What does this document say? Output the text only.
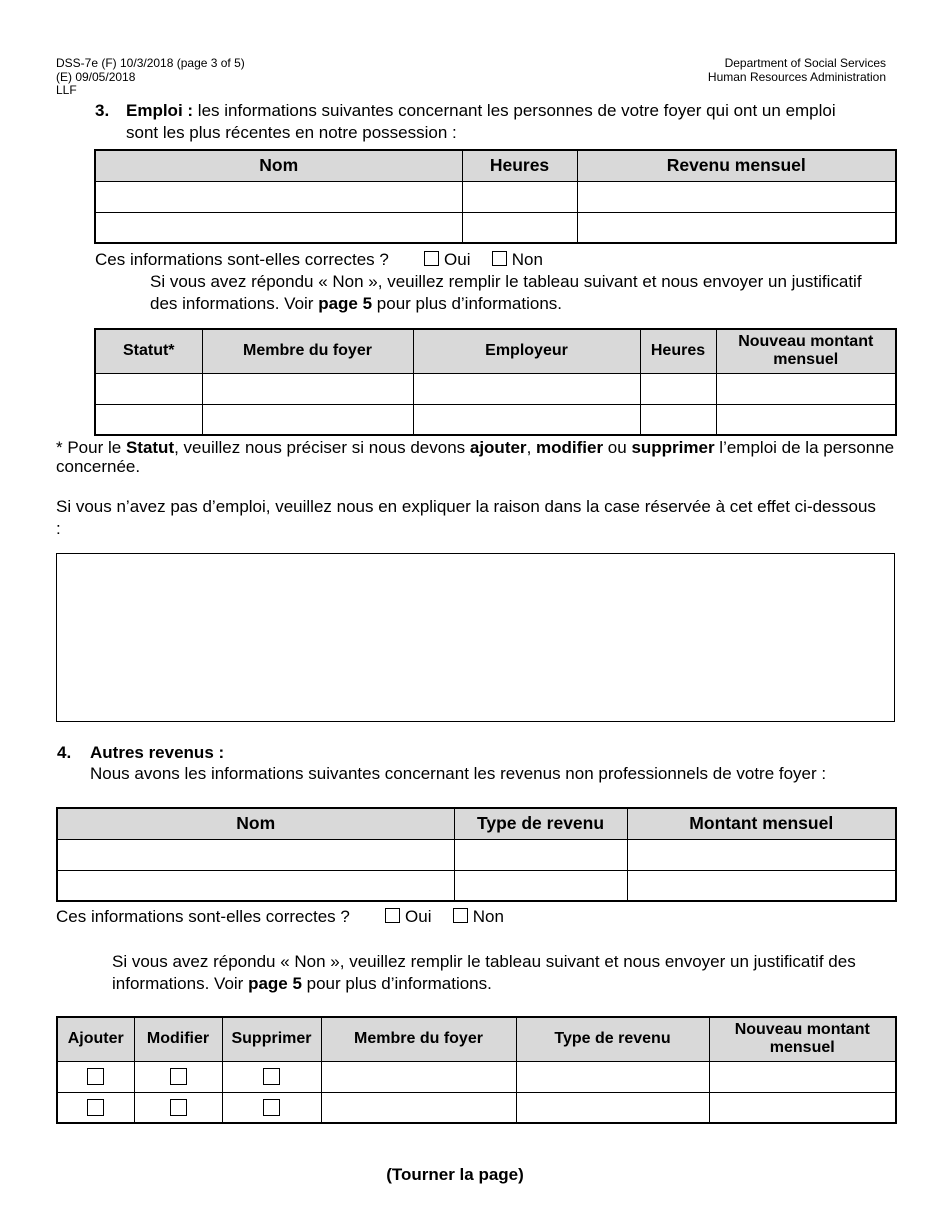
DSS-7e (F) 10/3/2018 (page 3 of 5)
(E) 09/05/2018
LLF
Department of Social Services
Human Resources Administration
3. Emploi : les informations suivantes concernant les personnes de votre foyer qui ont un emploi sont les plus récentes en notre possession :
Nom	Heures	Revenu mensuel

Ces informations sont-elles correctes ?	Oui Non
Si vous avez répondu « Non », veuillez remplir le tableau suivant et nous envoyer un justificatif des informations. Voir page 5 pour plus d’informations.
Statut*	Membre du foyer	Employeur	Heures	Nouveau montant mensuel

* Pour le Statut, veuillez nous préciser si nous devons ajouter, modifier ou supprimer l’emploi de la personne concernée.
Si vous n’avez pas d’emploi, veuillez nous en expliquer la raison dans la case réservée à cet effet ci-dessous :
4.	Autres revenus :
Nous avons les informations suivantes concernant les revenus non professionnels de votre foyer :
Nom	Type de revenu	Montant mensuel

Ces informations sont-elles correctes ?	Oui Non
Si vous avez répondu « Non », veuillez remplir le tableau suivant et nous envoyer un justificatif des informations. Voir page 5 pour plus d’informations.
Ajouter	Modifier	Supprimer	Membre du foyer	Type de revenu	Nouveau montant mensuel

(Tourner la page)
